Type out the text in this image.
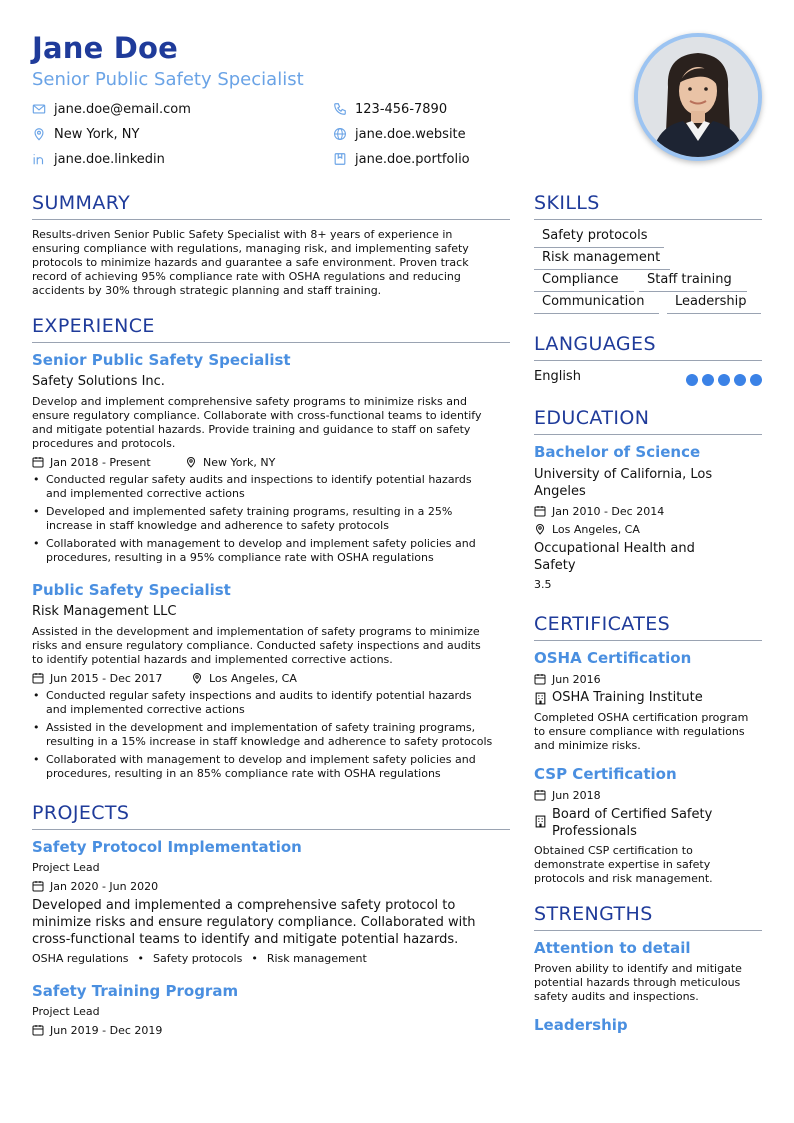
Jane Doe
Senior Public Safety Specialist
jane.doe@email.com	123-456-7890
New York, NY	jane.doe.website
jane.doe.linkedin	jane.doe.portfolio
SUMMARY
Results-driven Senior Public Safety Specialist with 8+ years of experience in
ensuring compliance with regulations, managing risk, and implementing safety
protocols to minimize hazards and guarantee a safe environment. Proven track
record of achieving 95% compliance rate with OSHA regulations and reducing
accidents by 30% through strategic planning and staff training.
EXPERIENCE
Senior Public Safety Specialist
Safety Solutions Inc.
Develop and implement comprehensive safety programs to minimize risks and
ensure regulatory compliance. Collaborate with cross-functional teams to identify
and mitigate potential hazards. Provide training and guidance to staff on safety
procedures and protocols.
Jan 2018 - Present	New York, NY
• Conducted regular safety audits and inspections to identify potential hazards
and implemented corrective actions
• Developed and implemented safety training programs, resulting in a 25%
increase in staff knowledge and adherence to safety protocols
• Collaborated with management to develop and implement safety policies and
procedures, resulting in a 95% compliance rate with OSHA regulations
Public Safety Specialist
Risk Management LLC
Assisted in the development and implementation of safety programs to minimize
risks and ensure regulatory compliance. Conducted safety inspections and audits
to identify potential hazards and implemented corrective actions.
Jun 2015 - Dec 2017	Los Angeles, CA
• Conducted regular safety inspections and audits to identify potential hazards
and implemented corrective actions
• Assisted in the development and implementation of safety training programs,
resulting in a 15% increase in staff knowledge and adherence to safety protocols
• Collaborated with management to develop and implement safety policies and
procedures, resulting in an 85% compliance rate with OSHA regulations
PROJECTS
Safety Protocol Implementation
Project Lead
Jan 2020 - Jun 2020
Developed and implemented a comprehensive safety protocol to
minimize risks and ensure regulatory compliance. Collaborated with
cross-functional teams to identify and mitigate potential hazards.
OSHA regulations • Safety protocols • Risk management
Safety Training Program
Project Lead
Jun 2019 - Dec 2019
SKILLS
Safety protocols
Risk management
Compliance	Staff training
Communication	Leadership
LANGUAGES
English
EDUCATION
Bachelor of Science
University of California, Los
Angeles
Jan 2010 - Dec 2014
Los Angeles, CA
Occupational Health and
Safety
3.5
CERTIFICATES
OSHA Certification
Jun 2016
OSHA Training Institute
Completed OSHA certification program
to ensure compliance with regulations
and minimize risks.
CSP Certification
Jun 2018
Board of Certified Safety
Professionals
Obtained CSP certification to
demonstrate expertise in safety
protocols and risk management.
STRENGTHS
Attention to detail
Proven ability to identify and mitigate
potential hazards through meticulous
safety audits and inspections.
Leadership
